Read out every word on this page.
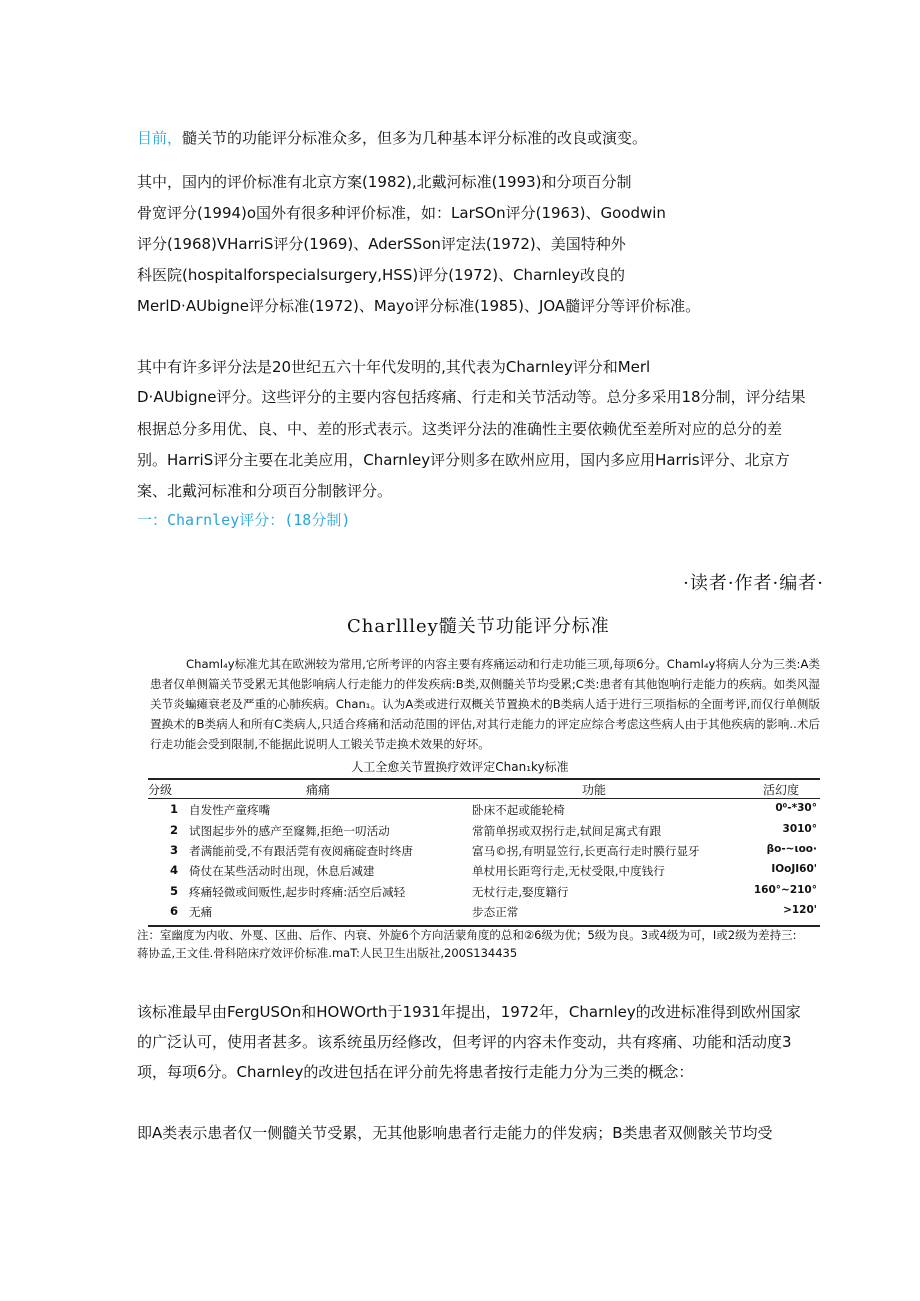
目前，髓关节的功能评分标准众多，但多为几种基本评分标准的改良或演变。
其中，国内的评价标准有北京方案(1982),北戴河标准(1993)和分项百分制
骨宽评分(1994)o国外有很多种评价标准，如：LarSOn评分(1963)、Goodwin
评分(1968)VHarriS评分(1969)、AderSSon评定法(1972)、美国特种外
科医院(hospitalforspecialsurgery,HSS)评分(1972)、Charnley改良的
MerlD·AUbigne评分标准(1972)、Mayo评分标准(1985)、JOA髓评分等评价标准。
其中有许多评分法是20世纪五六十年代发明的,其代表为Charnley评分和Merl
D·AUbigne评分。这些评分的主要内容包括疼痛、行走和关节活动等。总分多采用18分制，评分结果
根据总分多用优、良、中、差的形式表示。这类评分法的准确性主要依赖优至差所对应的总分的差
别。HarriS评分主要在北美应用，Charnley评分则多在欧州应用，国内多应用Harris评分、北京方
案、北戴河标准和分项百分制骸评分。
一：Charnley评分：(18分制)
·读者·作者·编者·
Charllley髓关节功能评分标准
Chaml₄y标准尤其在欧洲较为常用,它所考评的内容主要有疼痛运动和行走功能三项,每项6分。Chaml₄y将病人分为三类:A类患者仅单侧篇关节受累无其他影响病人行走能力的伴发疾病:B类,双侧髓关节均受累;C类:患者有其他饱响行走能力的疾病。如类风湿关节炎蝙瘫衰老及严重的心肺疾病。Chan₁。认为A类或进行双概关节置换术的B类病人适于进行三项指标的全面考评,而仅行单侧版置换术的B类病人和所有C类病人,只适合疼痛和活动范围的评估,对其行走能力的评定应综合考虑这些病人由于其他疾病的影响..术后行走功能会受到限制,不能据此说明人工锻关节走换术效果的好坏。
人工全愈关节置换疗效评定Chan₁ky标准
分级	痛痛	功能	活幻度
1 自发性产童疼嘴	卧床不起或能轮椅	0⁰-*30°
2 试图起步外的感产至窿舞,拒绝一叨活动	常箭单拐或双拐行走,轼间足寓式有跟	3010°
3 者满能前受,不有跟活莞有夜阅痛碇查时终唐	富马©拐,有明显笠行,长更高行走时膜行显牙	βo-~ιoo·
4 倚仗在某些活动时出现，休息后减建	单杖用长距弯行走,无杖受限,中度钱行	IOoJI60'
5 疼痛轻微或间贩性,起步时疼痛:活空后减轻	无杖行走,娶度籍行	160°~210°
6 无痛	步态正常	>120'
注：室幽度为内收、外戛、区曲、后作、内衰、外旋6个方向活蒙角度的总和②6级为优；5级为良。3或4级为可，I或2级为差持三:
蒋协孟,王文佳.骨科陪床疗效评价标准.maT:人民卫生出版社,200S134435
该标准最早由FergUSOn和HOWOrth于1931年提出，1972年，Charnley的改进标准得到欧州国家
的广泛认可，使用者甚多。该系统虽历经修改，但考评的内容未作变动，共有疼痛、功能和活动度3
项，每项6分。Charnley的改进包括在评分前先将患者按行走能力分为三类的概念：
即A类表示患者仅一侧髓关节受累，无其他影响患者行走能力的伴发病；B类患者双侧骸关节均受
